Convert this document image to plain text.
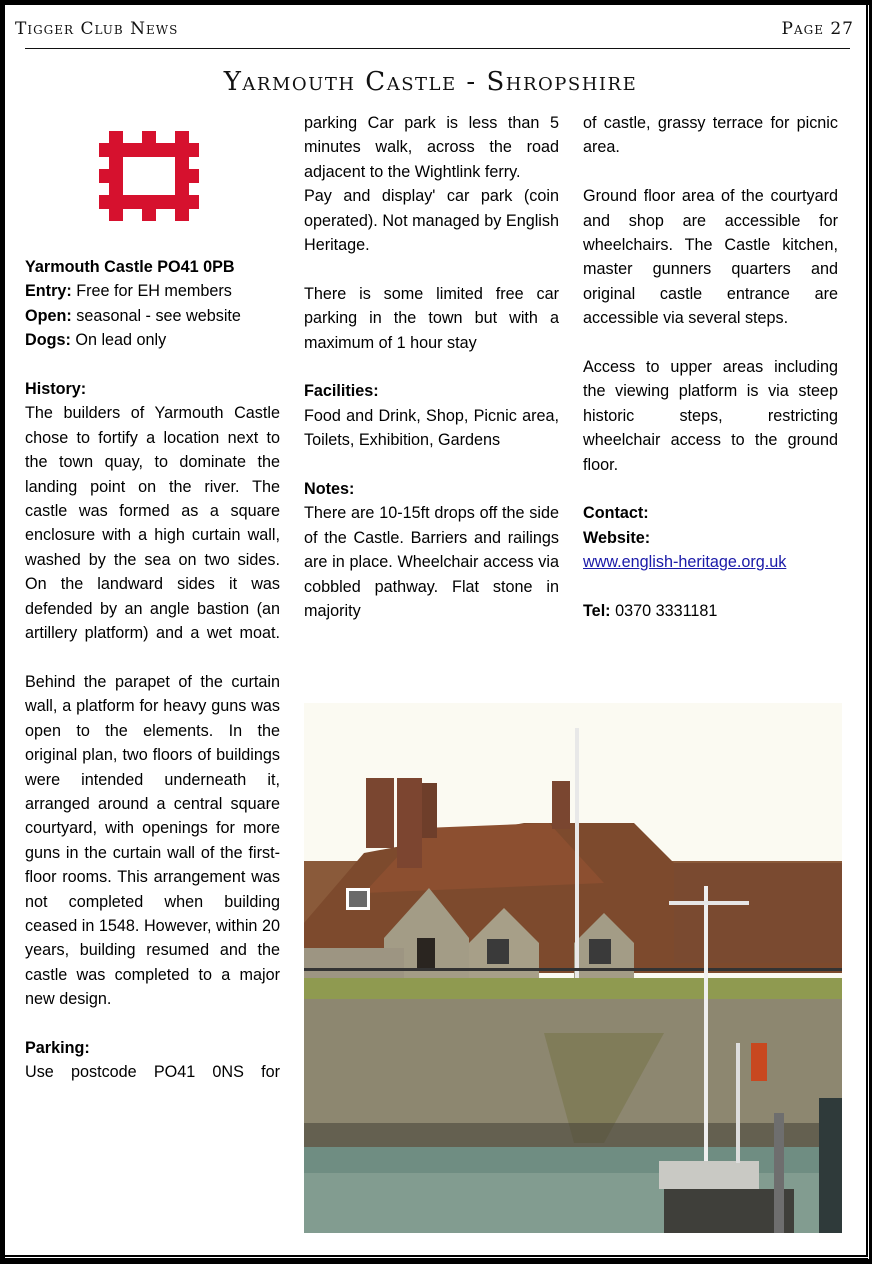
Tigger Club News	Page 27
Yarmouth Castle - Shropshire

Yarmouth Castle PO41 0PB

Entry: Free for EH members

Open: seasonal - see website

Dogs: On lead only

History:

The builders of Yarmouth Castle chose to fortify a location next to the town quay, to dominate the landing point on the river. The castle was formed as a square enclosure with a high curtain wall, washed by the sea on two sides. On the landward sides it was defended by an angle bastion (an artillery platform) and a wet moat.

Behind the parapet of the curtain wall, a platform for heavy guns was open to the elements. In the original plan, two floors of buildings were intended underneath it, arranged around a central square courtyard, with openings for more guns in the curtain wall of the first-floor rooms. This arrangement was not completed when building ceased in 1548. However, within 20 years, building resumed and the castle was completed to a major new design.

Parking:

Use postcode PO41 0NS for

parking Car park is less than 5 minutes walk, across the road adjacent to the Wightlink ferry.

Pay and display' car park (coin operated). Not managed by English Heritage.

There is some limited free car parking in the town but with a maximum of 1 hour stay

Facilities:

Food and Drink, Shop, Picnic area, Toilets, Exhibition, Gardens

Notes:

There are 10-15ft drops off the side of the Castle. Barriers and railings are in place. Wheelchair access via cobbled pathway. Flat stone in majority

of castle, grassy terrace for picnic area.

Ground floor area of the courtyard and shop are accessible for wheelchairs. The Castle kitchen, master gunners quarters and original castle entrance are accessible via several steps.

Access to upper areas including the viewing platform is via steep historic steps, restricting wheelchair access to the ground floor.

Contact:

Website:

www.english-heritage.org.uk

Tel: 0370 3331181
